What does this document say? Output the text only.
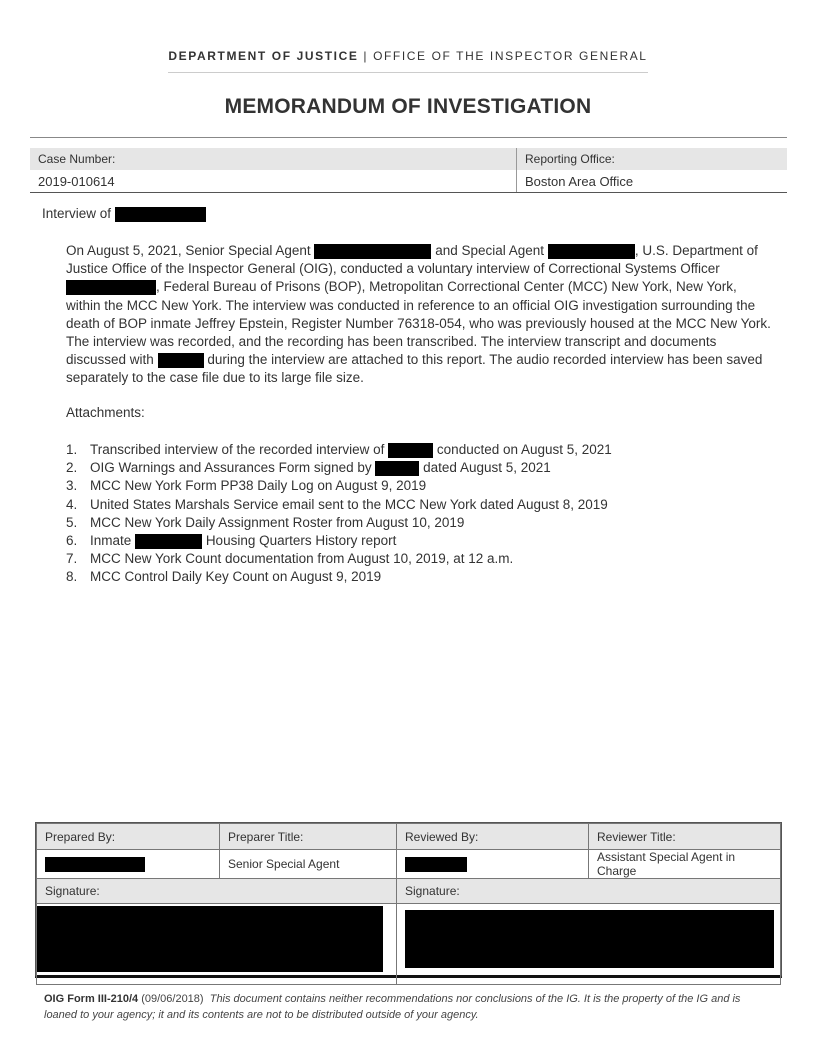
DEPARTMENT OF JUSTICE | OFFICE OF THE INSPECTOR GENERAL
MEMORANDUM OF INVESTIGATION
Case Number:	Reporting Office:
2019-010614	Boston Area Office
Interview of
On August 5, 2021, Senior Special Agent	and Special Agent	, U.S. Department of Justice Office of the Inspector General (OIG), conducted a voluntary interview of Correctional Systems Officer , Federal Bureau of Prisons (BOP), Metropolitan Correctional Center (MCC) New York, New York, within the MCC New York. The interview was conducted in reference to an official OIG investigation surrounding the death of BOP inmate Jeffrey Epstein, Register Number 76318-054, who was previously housed at the MCC New York. The interview was recorded, and the recording has been transcribed. The interview transcript and documents discussed with	during the interview are attached to this report. The audio recorded interview has been saved separately to the case file due to its large file size.
Attachments:
1. Transcribed interview of the recorded interview of	conducted on August 5, 2021
2. OIG Warnings and Assurances Form signed by	dated August 5, 2021
3. MCC New York Form PP38 Daily Log on August 9, 2019
4. United States Marshals Service email sent to the MCC New York dated August 8, 2019
5. MCC New York Daily Assignment Roster from August 10, 2019
6. Inmate	Housing Quarters History report
7. MCC New York Count documentation from August 10, 2019, at 12 a.m.
8. MCC Control Daily Key Count on August 9, 2019
Prepared By:	Preparer Title:	Reviewed By:	Reviewer Title:
	Senior Special Agent		Assistant Special Agent in Charge
Signature:		Signature:	

OIG Form III-210/4 (09/06/2018) This document contains neither recommendations nor conclusions of the IG. It is the property of the IG and is loaned to your agency; it and its contents are not to be distributed outside of your agency.
